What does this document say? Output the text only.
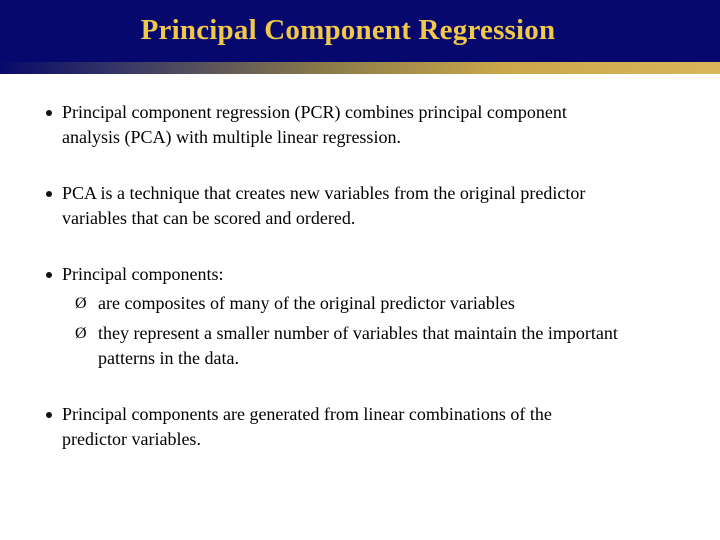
Principal Component Regression
Principal component regression (PCR) combines principal component
analysis (PCA) with multiple linear regression.
PCA is a technique that creates new variables from the original predictor
variables that can be scored and ordered.
Principal components:
Ø are composites of many of the original predictor variables
Ø they represent a smaller number of variables that maintain the important
patterns in the data.
Principal components are generated from linear combinations of the
predictor variables.
